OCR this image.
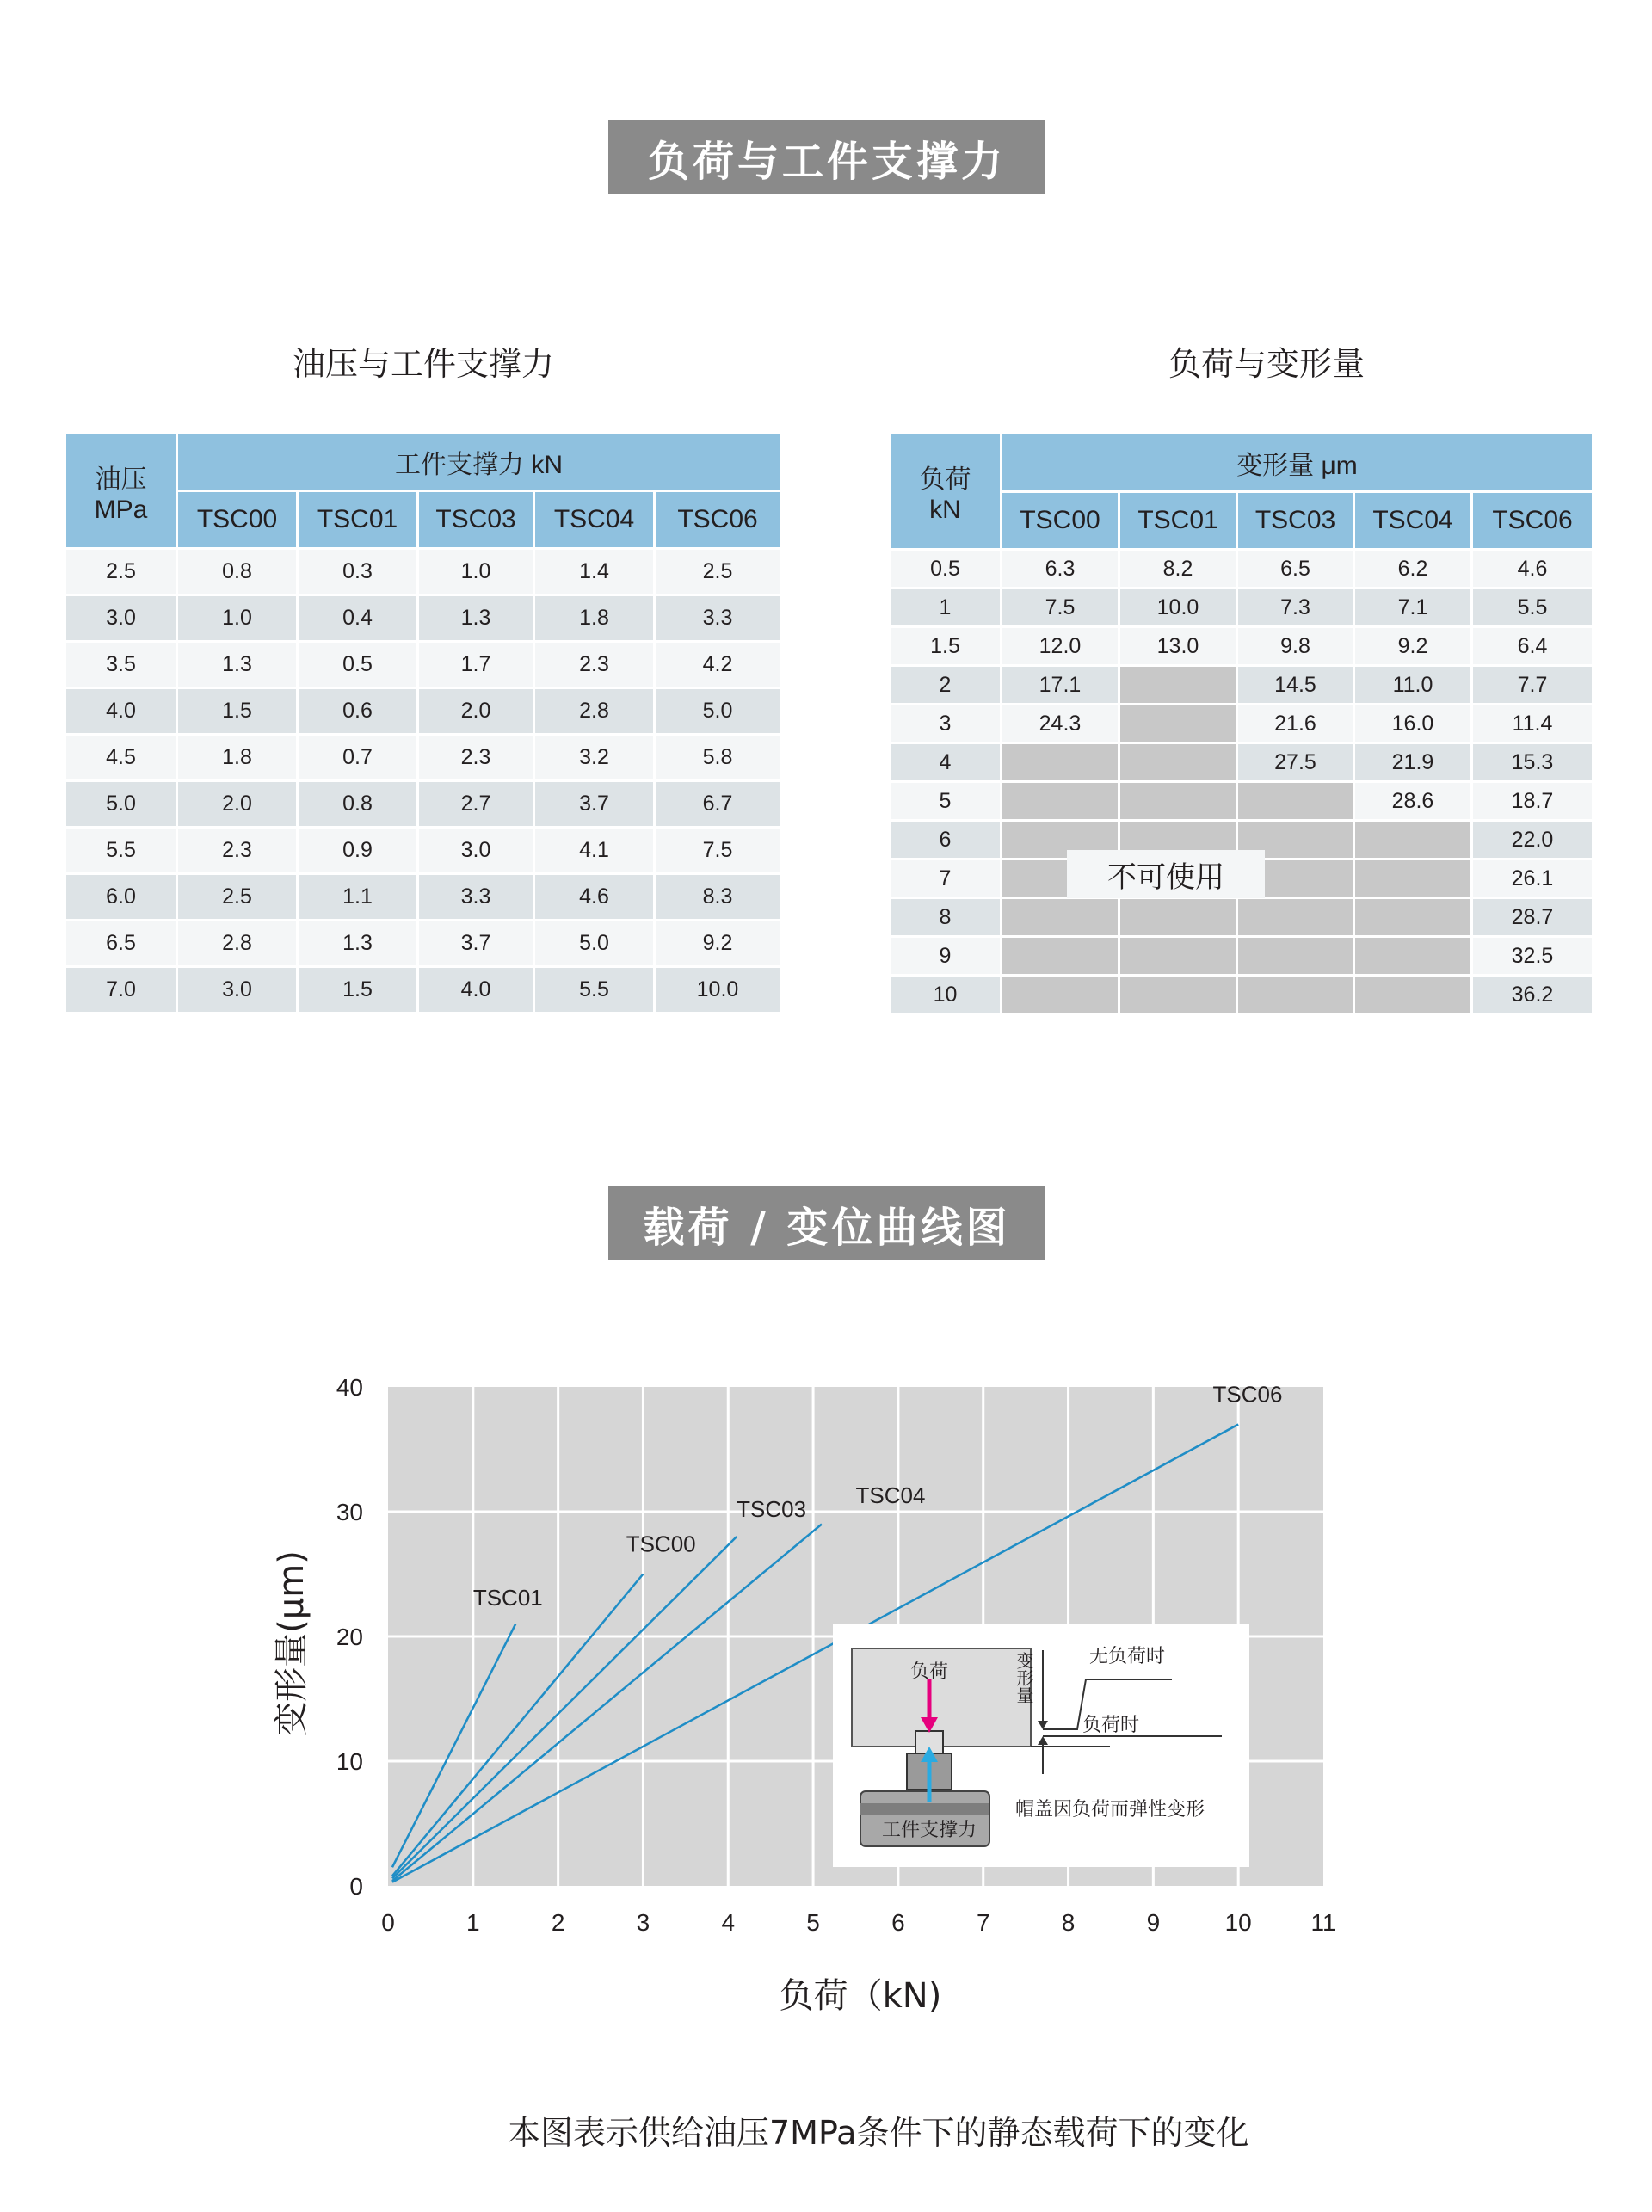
负荷与工件支撑力
油压与工件支撑力
油压
MPa	工件支撑力 kN				
	TSC00	TSC01	TSC03	TSC04	TSC06
2.5	0.8	0.3	1.0	1.4	2.5
3.0	1.0	0.4	1.3	1.8	3.3
3.5	1.3	0.5	1.7	2.3	4.2
4.0	1.5	0.6	2.0	2.8	5.0
4.5	1.8	0.7	2.3	3.2	5.8
5.0	2.0	0.8	2.7	3.7	6.7
5.5	2.3	0.9	3.0	4.1	7.5
6.0	2.5	1.1	3.3	4.6	8.3
6.5	2.8	1.3	3.7	5.0	9.2
7.0	3.0	1.5	4.0	5.5	10.0
负荷与变形量
负荷
kN	变形量 μm				
	TSC00	TSC01	TSC03	TSC04	TSC06
0.5	6.3	8.2	6.5	6.2	4.6
1	7.5	10.0	7.3	7.1	5.5
1.5	12.0	13.0	9.8	9.2	6.4
2	17.1		14.5	11.0	7.7
3	24.3		21.6	16.0	11.4
4			27.5	21.9	15.3
5				28.6	18.7
6					22.0
7					26.1
8					28.7
9					32.5
10					36.2
不可使用
载荷 / 变位曲线图
0	1	2	3	4	5	6	7	8	9	10 11
0
10
20
30
40
负荷（kN)
变形量(μm)	TSC01
TSC00
TSC03
TSC04
TSC06
负荷
工件支撑力
变形量	无负荷时
负荷时
帽盖因负荷而弹性变形
本图表示供给油压7MPa条件下的静态载荷下的变化
